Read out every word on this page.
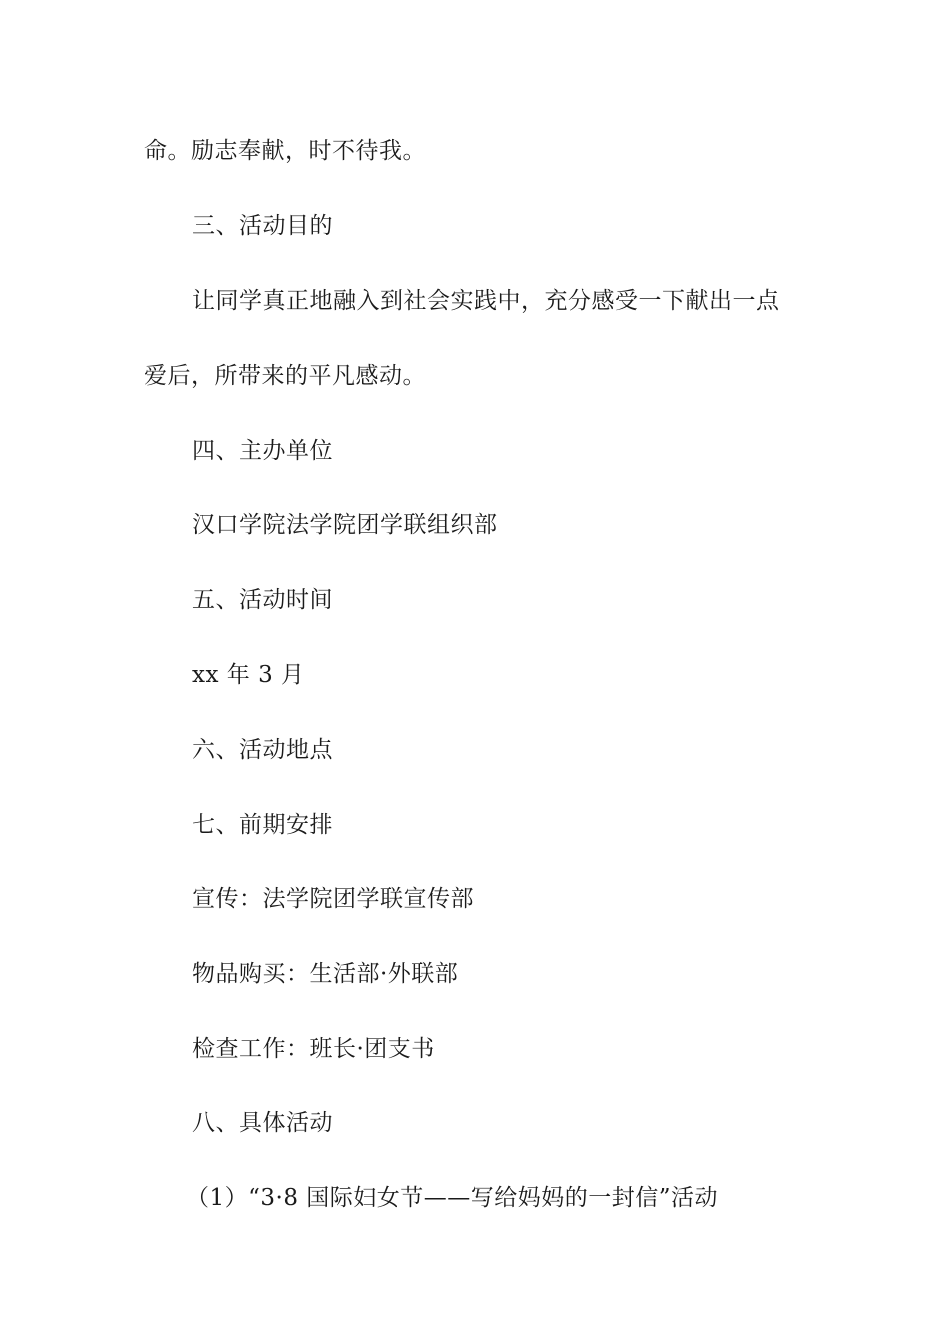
命。励志奉献，时不待我。
三、活动目的
让同学真正地融入到社会实践中，充分感受一下献出一点
爱后，所带来的平凡感动。
四、主办单位
汉口学院法学院团学联组织部
五、活动时间
xx 年 3 月
六、活动地点
七、前期安排
宣传：法学院团学联宣传部
物品购买：生活部·外联部
检查工作：班长·团支书
八、具体活动
（1）“3·8 国际妇女节——写给妈妈的一封信”活动
